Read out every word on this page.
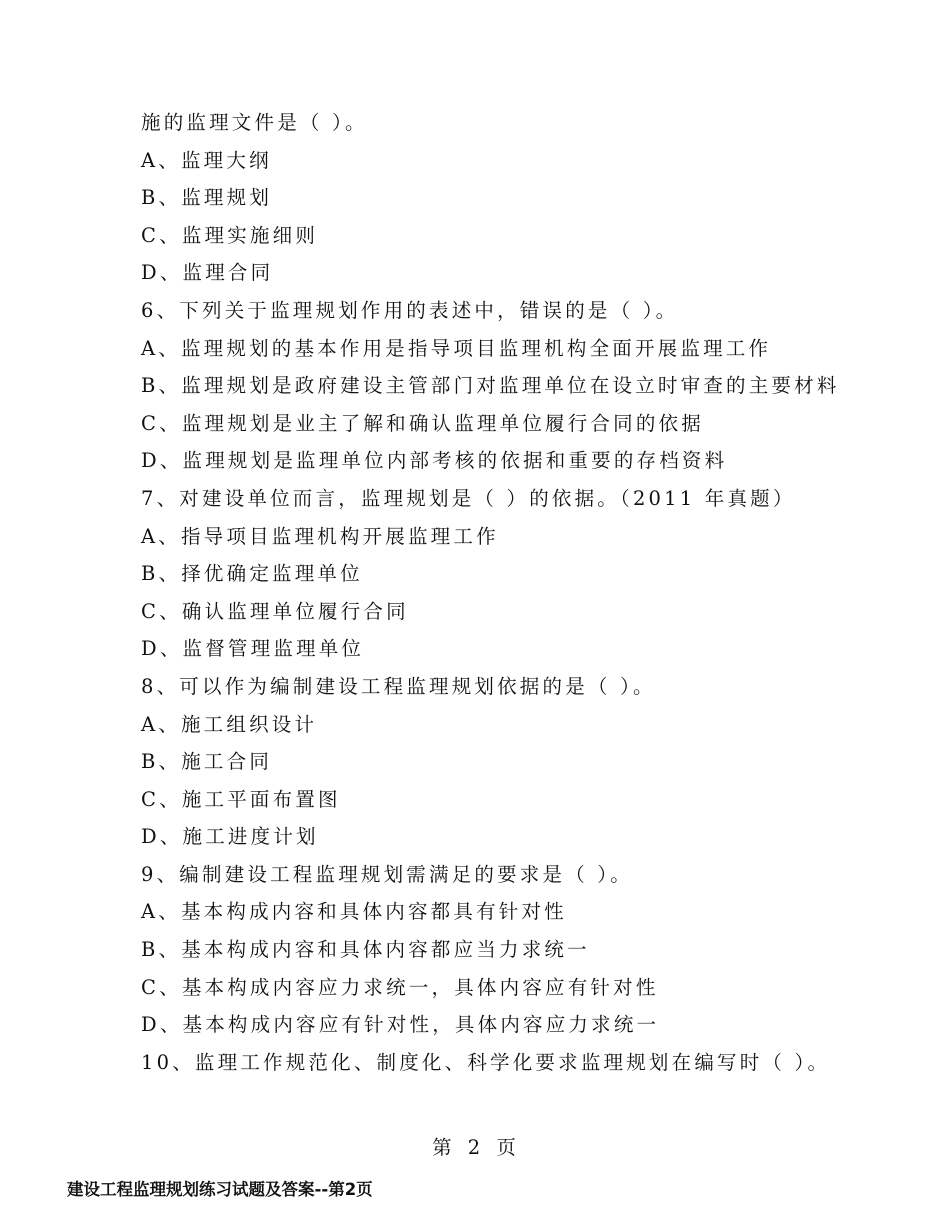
施的监理文件是（ ）。
A、监理大纲
B、监理规划
C、监理实施细则
D、监理合同
6、下列关于监理规划作用的表述中，错误的是（ ）。
A、监理规划的基本作用是指导项目监理机构全面开展监理工作
B、监理规划是政府建设主管部门对监理单位在设立时审查的主要材料
C、监理规划是业主了解和确认监理单位履行合同的依据
D、监理规划是监理单位内部考核的依据和重要的存档资料
7、对建设单位而言，监理规划是（ ）的依据。（2011 年真题）
A、指导项目监理机构开展监理工作
B、择优确定监理单位
C、确认监理单位履行合同
D、监督管理监理单位
8、可以作为编制建设工程监理规划依据的是（ ）。
A、施工组织设计
B、施工合同
C、施工平面布置图
D、施工进度计划
9、编制建设工程监理规划需满足的要求是（ ）。
A、基本构成内容和具体内容都具有针对性
B、基本构成内容和具体内容都应当力求统一
C、基本构成内容应力求统一，具体内容应有针对性
D、基本构成内容应有针对性，具体内容应力求统一
10、监理工作规范化、制度化、科学化要求监理规划在编写时（ ）。
第 2 页
建设工程监理规划练习试题及答案--第2页
